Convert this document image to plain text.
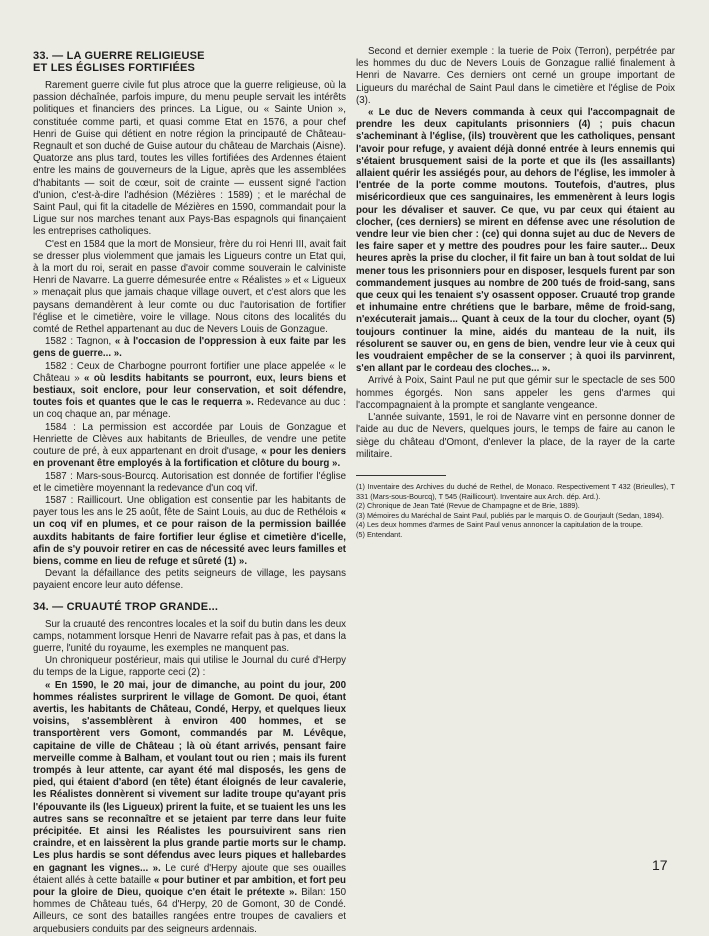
33. — LA GUERRE RELIGIEUSE
ET LES ÉGLISES FORTIFIÉES

Rarement guerre civile fut plus atroce que la guerre religieuse, où la passion déchaînée, parfois impure, du menu peuple servait les intérêts politiques et financiers des princes. La Ligue, ou « Sainte Union », constituée comme parti, et quasi comme Etat en 1576, a pour chef Henri de Guise qui détient en notre région la principauté de Château-Regnault et son duché de Guise autour du château de Marchais (Aisne). Quatorze ans plus tard, toutes les villes fortifiées des Ardennes étaient entre les mains de gouverneurs de la Ligue, après que les assemblées d'habitants — soit de cœur, soit de crainte — eussent signé l'action d'union, c'est-à-dire l'adhésion (Mézières : 1589) ; et le maréchal de Saint Paul, qui fit la citadelle de Mézières en 1590, commandait pour la Ligue sur nos marches tenant aux Pays-Bas espagnols qui finançaient les entreprises catholiques.

C'est en 1584 que la mort de Monsieur, frère du roi Henri III, avait fait se dresser plus violemment que jamais les Ligueurs contre un Etat qui, à la mort du roi, serait en passe d'avoir comme souverain le calviniste Henri de Navarre. La guerre démesurée entre « Réalistes » et « Ligueux » menaçait plus que jamais chaque village ouvert, et c'est alors que les paysans demandèrent à leur comte ou duc l'autorisation de fortifier l'église et le cimetière, voire le village. Nous citons des localités du comté de Rethel appartenant au duc de Nevers Louis de Gonzague.

1582 : Tagnon, « à l'occasion de l'oppression à eux faite par les gens de guerre... ».

1582 : Ceux de Charbogne pourront fortifier une place appelée « le Château » « où lesdits habitants se pourront, eux, leurs biens et bestiaux, soit enclore, pour leur conservation, et soit défendre, toutes fois et quantes que le cas le requerra ». Redevance au duc : un coq chaque an, par ménage.

1584 : La permission est accordée par Louis de Gonzague et Henriette de Clèves aux habitants de Brieulles, de vendre une petite couture de pré, à eux appartenant en droit d'usage, « pour les deniers en provenant être employés à la fortification et clôture du bourg ».

1587 : Mars-sous-Bourcq. Autorisation est donnée de fortifier l'église et le cimetière moyennant la redevance d'un coq vif.

1587 : Raillicourt. Une obligation est consentie par les habitants de payer tous les ans le 25 août, fête de Saint Louis, au duc de Rethélois « un coq vif en plumes, et ce pour raison de la permission baillée auxdits habitants de faire fortifier leur église et cimetière d'icelle, afin de s'y pouvoir retirer en cas de nécessité avec leurs familles et biens, comme en lieu de refuge et sûreté (1) ».

Devant la défaillance des petits seigneurs de village, les paysans payaient encore leur auto défense.

34. — CRUAUTÉ TROP GRANDE...

Sur la cruauté des rencontres locales et la soif du butin dans les deux camps, notamment lorsque Henri de Navarre refait pas à pas, et dans la guerre, l'unité du royaume, les exemples ne manquent pas.

Un chroniqueur postérieur, mais qui utilise le Journal du curé d'Herpy du temps de la Ligue, rapporte ceci (2) :

« En 1590, le 20 mai, jour de dimanche, au point du jour, 200 hommes réalistes surprirent le village de Gomont. De quoi, étant avertis, les habitants de Château, Condé, Herpy, et quelques lieux voisins, s'assemblèrent à environ 400 hommes, et se transportèrent vers Gomont, commandés par M. Lévêque, capitaine de ville de Château ; là où étant arrivés, pensant faire merveille comme à Balham, et voulant tout ou rien ; mais ils furent trompés à leur attente, car ayant été mal disposés, les gens de pied, qui étaient d'abord (en tête) étant éloignés de leur cavalerie, les Réalistes donnèrent si vivement sur ladite troupe qu'ayant pris l'épouvante ils (les Ligueux) prirent la fuite, et se tuaient les uns les autres sans se reconnaître et se jetaient par terre dans leur fuite précipitée. Et ainsi les Réalistes les poursuivirent sans rien craindre, et en laissèrent la plus grande partie morts sur le champ. Les plus hardis se sont défendus avec leurs piques et hallebardes en gagnant les vignes... ». Le curé d'Herpy ajoute que ses ouailles étaient allés à cette bataille « pour butiner et par ambition, et fort peu pour la gloire de Dieu, quoique c'en était le prétexte ». Bilan: 150 hommes de Château tués, 64 d'Herpy, 20 de Gomont, 30 de Condé. Ailleurs, ce sont des batailles rangées entre troupes de cavaliers et arquebusiers conduits par des seigneurs ardennais.

Second et dernier exemple : la tuerie de Poix (Terron), perpétrée par les hommes du duc de Nevers Louis de Gonzague rallié finalement à Henri de Navarre. Ces derniers ont cerné un groupe important de Ligueurs du maréchal de Saint Paul dans le cimetière et l'église de Poix (3).

« Le duc de Nevers commanda à ceux qui l'accompagnait de prendre les deux capitulants prisonniers (4) ; puis chacun s'acheminant à l'église, (ils) trouvèrent que les catholiques, pensant l'avoir pour refuge, y avaient déjà donné entrée à leurs ennemis qui s'étaient brusquement saisi de la porte et que ils (les assaillants) allaient quérir les assiégés pour, au dehors de l'église, les immoler à l'entrée de la porte comme moutons. Toutefois, d'autres, plus miséricordieux que ces sanguinaires, les emmenèrent à leurs logis pour les dévaliser et sauver. Ce que, vu par ceux qui étaient au clocher, (ces derniers) se mirent en défense avec une résolution de vendre leur vie bien cher : (ce) qui donna sujet au duc de Nevers de les faire saper et y mettre des poudres pour les faire sauter... Deux heures après la prise du clocher, il fit faire un ban à tout soldat de lui mener tous les prisonniers pour en disposer, lesquels furent par son commandement jusques au nombre de 200 tués de froid-sang, sans que ceux qui les tenaient s'y osassent opposer. Cruauté trop grande et inhumaine entre chrétiens que le barbare, même de froid-sang, n'exécuterait jamais... Quant à ceux de la tour du clocher, oyant (5) toujours continuer la mine, aidés du manteau de la nuit, ils résolurent se sauver ou, en gens de bien, vendre leur vie à ceux qui les voudraient empêcher de se la conserver ; à quoi ils parvinrent, s'en allant par le cordeau des cloches... ».

Arrivé à Poix, Saint Paul ne put que gémir sur le spectacle de ses 500 hommes égorgés. Non sans appeler les gens d'armes qui l'accompagnaient à la prompte et sanglante vengeance.

L'année suivante, 1591, le roi de Navarre vint en personne donner de l'aide au duc de Nevers, quelques jours, le temps de faire au canon le siège du château d'Omont, d'enlever la place, de la rayer de la carte militaire.

(1) Inventaire des Archives du duché de Rethel, de Monaco. Respectivement T 432 (Brieulles), T 331 (Mars-sous-Bourcq), T 545 (Raillicourt). Inventaire aux Arch. dép. Ard.).

(2) Chronique de Jean Taté (Revue de Champagne et de Brie, 1889).

(3) Mémoires du Maréchal de Saint Paul, publiés par le marquis O. de Gourjault (Sedan, 1894).

(4) Les deux hommes d'armes de Saint Paul venus annoncer la capitulation de la troupe.

(5) Entendant.

17
